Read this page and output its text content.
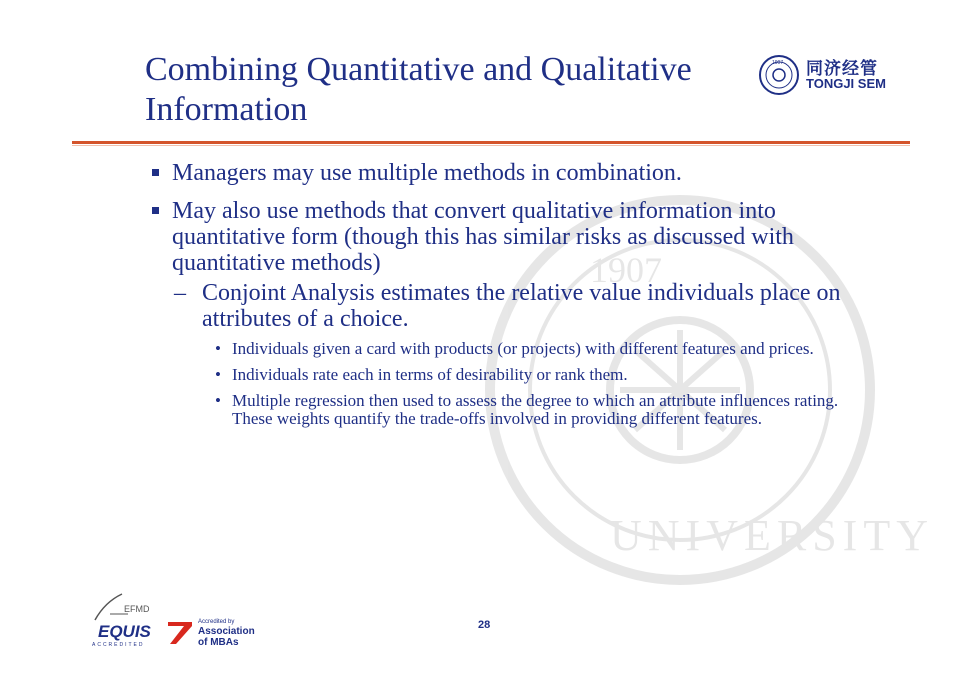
1907
UNIVERSITY
Combining Quantitative and Qualitative
Information
1907 同济经管
TONGJI SEM
Managers may use multiple methods in combination.
May also use methods that convert qualitative information into quantitative form (though this has similar risks as discussed with quantitative methods)
– Conjoint Analysis estimates the relative value individuals place on attributes of a choice.
• Individuals given a card with products (or projects) with different features and prices.
• Individuals rate each in terms of desirability or rank them.
• Multiple regression then used to assess the degree to which an attribute influences rating. These weights quantify the trade-offs involved in providing different features.
EFMD
EQUIS
ACCREDITED
Accredited by
Association
of MBAs
28
